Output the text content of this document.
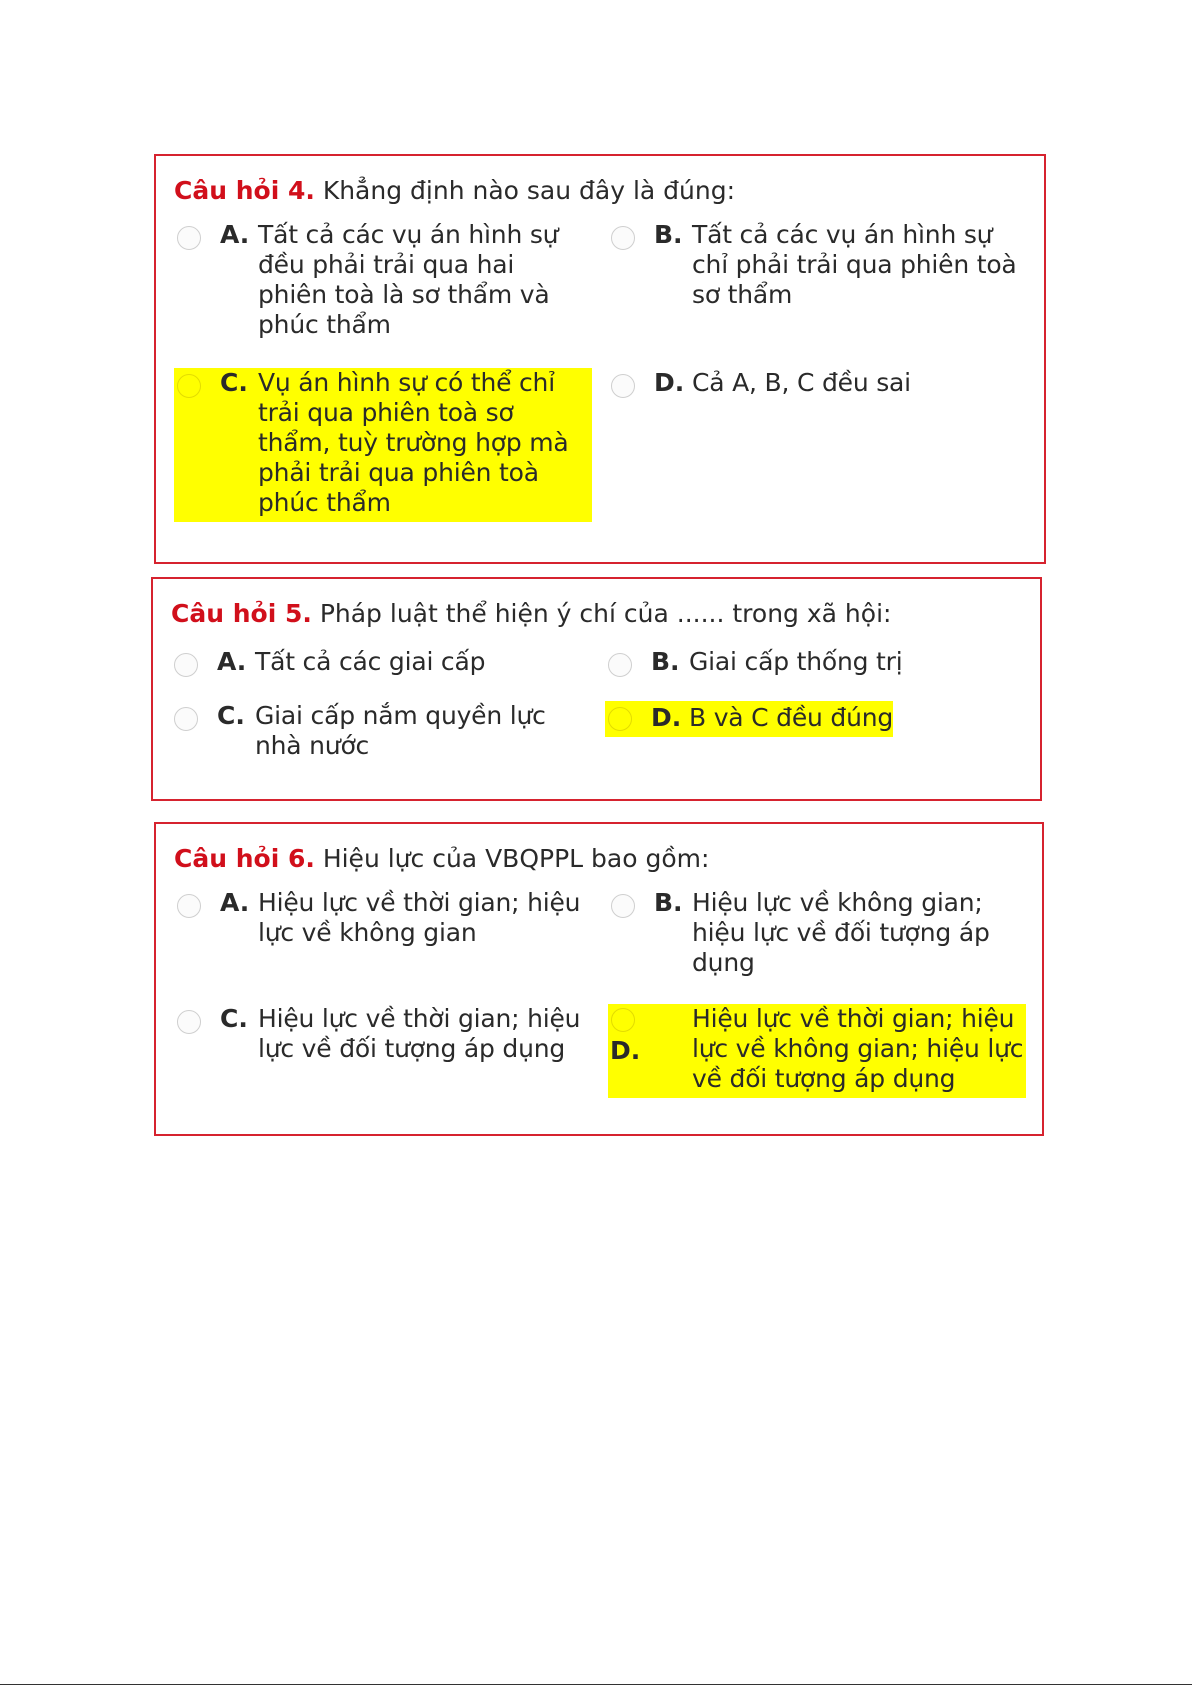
Câu hỏi 4. Khẳng định nào sau đây là đúng:
A. Tất cả các vụ án hình sự đều phải trải qua hai phiên toà là sơ thẩm và phúc thẩm
B. Tất cả các vụ án hình sự chỉ phải trải qua phiên toà sơ thẩm
C. Vụ án hình sự có thể chỉ trải qua phiên toà sơ thẩm, tuỳ trường hợp mà phải trải qua phiên toà phúc thẩm
D. Cả A, B, C đều sai
Câu hỏi 5. Pháp luật thể hiện ý chí của ...... trong xã hội:
A. Tất cả các giai cấp	B. Giai cấp thống trị
C. Giai cấp nắm quyền lực nhà nước
D. B và C đều đúng
Câu hỏi 6. Hiệu lực của VBQPPL bao gồm:
A. Hiệu lực về thời gian; hiệu lực về không gian
B. Hiệu lực về không gian; hiệu lực về đối tượng áp dụng
C. Hiệu lực về thời gian; hiệu lực về đối tượng áp dụng	D.
Hiệu lực về thời gian; hiệu lực về không gian; hiệu lực về đối tượng áp dụng
